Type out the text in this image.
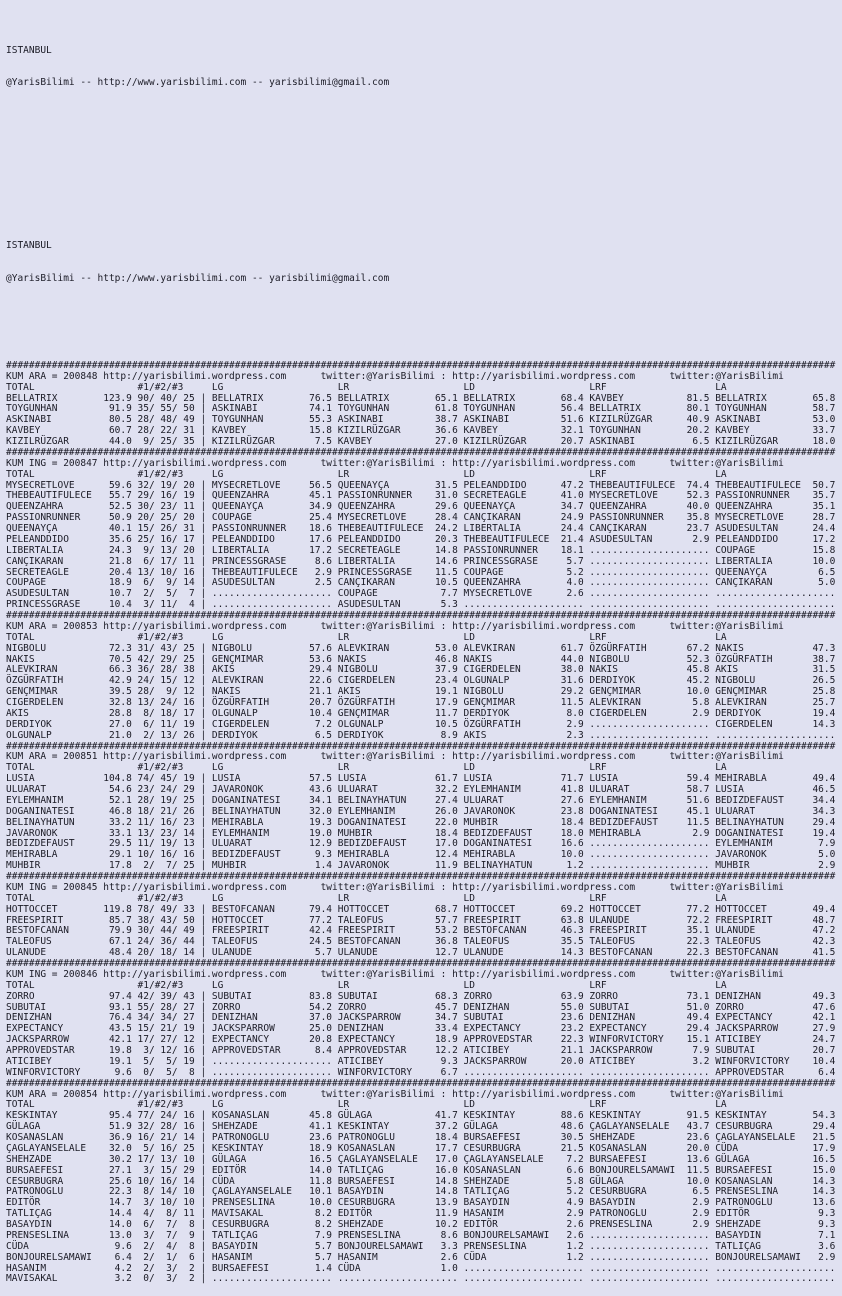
ISTANBUL

@YarisBilimi -- http://www.yarisbilimi.com -- yarisbilimi@gmail.com

ISTANBUL

@YarisBilimi -- http://www.yarisbilimi.com -- yarisbilimi@gmail.com

#################################################################################################################################################
KUM ARA = 200848 http://yarisbilimi.wordpress.com      twitter:@YarisBilimi : http://yarisbilimi.wordpress.com      twitter:@YarisBilimi
TOTAL                  #1/#2/#3     LG                    LR                    LD                    LRF                   LA
BELLATRIX        123.9 90/ 40/ 25 | BELLATRIX        76.5 BELLATRIX        65.1 BELLATRIX        68.4 KAVBEY           81.5 BELLATRIX        65.8
TOYGUNHAN         91.9 35/ 55/ 50 | ASKINABI         74.1 TOYGUNHAN        61.8 TOYGUNHAN        56.4 BELLATRIX        80.1 TOYGUNHAN        58.7
ASKINABI          80.5 28/ 48/ 49 | TOYGUNHAN        55.3 ASKINABI         38.7 ASKINABI         51.6 KIZILRÜZGAR      40.9 ASKINABI         53.0
KAVBEY            60.7 28/ 22/ 31 | KAVBEY           15.8 KIZILRÜZGAR      36.6 KAVBEY           32.1 TOYGUNHAN        20.2 KAVBEY           33.7
KIZILRÜZGAR       44.0  9/ 25/ 35 | KIZILRÜZGAR       7.5 KAVBEY           27.0 KIZILRÜZGAR      20.7 ASKINABI          6.5 KIZILRÜZGAR      18.0
#################################################################################################################################################
KUM ING = 200847 http://yarisbilimi.wordpress.com      twitter:@YarisBilimi : http://yarisbilimi.wordpress.com      twitter:@YarisBilimi
TOTAL                  #1/#2/#3     LG                    LR                    LD                    LRF                   LA
MYSECRETLOVE      59.6 32/ 19/ 20 | MYSECRETLOVE     56.5 QUEENAYÇA        31.5 PELEANDDIDO      47.2 THEBEAUTIFULECE  74.4 THEBEAUTIFULECE  50.7
THEBEAUTIFULECE   55.7 29/ 16/ 19 | QUEENZAHRA       45.1 PASSIONRUNNER    31.0 SECRETEAGLE      41.0 MYSECRETLOVE     52.3 PASSIONRUNNER    35.7
QUEENZAHRA        52.5 30/ 23/ 11 | QUEENAYÇA        34.9 QUEENZAHRA       29.6 QUEENAYÇA        34.7 QUEENZAHRA       40.0 QUEENZAHRA       35.1
PASSIONRUNNER     50.9 20/ 25/ 20 | COUPAGE          25.4 MYSECRETLOVE     28.4 CANÇIKARAN       24.9 PASSIONRUNNER    35.8 MYSECRETLOVE     28.7
QUEENAYÇA         40.1 15/ 26/ 31 | PASSIONRUNNER    18.6 THEBEAUTIFULECE  24.2 LIBERTALIA       24.4 CANÇIKARAN       23.7 ASUDESULTAN      24.4
PELEANDDIDO       35.6 25/ 16/ 17 | PELEANDDIDO      17.6 PELEANDDIDO      20.3 THEBEAUTIFULECE  21.4 ASUDESULTAN       2.9 PELEANDDIDO      17.2
LIBERTALIA        24.3  9/ 13/ 20 | LIBERTALIA       17.2 SECRETEAGLE      14.8 PASSIONRUNNER    18.1 ..................... COUPAGE          15.8
CANÇIKARAN        21.8  6/ 17/ 11 | PRINCESSGRASE     8.6 LIBERTALIA       14.6 PRINCESSGRASE     5.7 ..................... LIBERTALIA       10.0
SECRETEAGLE       20.4 13/ 10/ 16 | THEBEAUTIFULECE   2.9 PRINCESSGRASE    11.5 COUPAGE           5.2 ..................... QUEENAYÇA         6.5
COUPAGE           18.9  6/  9/ 14 | ASUDESULTAN       2.5 CANÇIKARAN       10.5 QUEENZAHRA        4.0 ..................... CANÇIKARAN        5.0
ASUDESULTAN       10.7  2/  5/  7 | ..................... COUPAGE           7.7 MYSECRETLOVE      2.6 ..................... .....................
PRINCESSGRASE     10.4  3/ 11/  4 | ..................... ASUDESULTAN       5.3 ..................... ..................... .....................
#################################################################################################################################################
KUM ARA = 200853 http://yarisbilimi.wordpress.com      twitter:@YarisBilimi : http://yarisbilimi.wordpress.com      twitter:@YarisBilimi
TOTAL                  #1/#2/#3     LG                    LR                    LD                    LRF                   LA
NIGBOLU           72.3 31/ 43/ 25 | NIGBOLU          57.6 ALEVKIRAN        53.0 ALEVKIRAN        61.7 ÖZGÜRFATIH       67.2 NAKIS            47.3
NAKIS             70.5 42/ 29/ 25 | GENÇMIMAR        53.6 NAKIS            46.8 NAKIS            44.0 NIGBOLU          52.3 ÖZGÜRFATIH       38.7
ALEVKIRAN         66.3 36/ 28/ 38 | AKIS             29.4 NIGBOLU          37.9 CIGERDELEN       38.0 NAKIS            45.8 AKIS             31.5
ÖZGÜRFATIH        42.9 24/ 15/ 12 | ALEVKIRAN        22.6 CIGERDELEN       23.4 OLGUNALP         31.6 DERDIYOK         45.2 NIGBOLU          26.5
GENÇMIMAR         39.5 28/  9/ 12 | NAKIS            21.1 AKIS             19.1 NIGBOLU          29.2 GENÇMIMAR        10.0 GENÇMIMAR        25.8
CIGERDELEN        32.8 13/ 24/ 16 | ÖZGÜRFATIH       20.7 ÖZGÜRFATIH       17.9 GENÇMIMAR        11.5 ALEVKIRAN         5.8 ALEVKIRAN        25.7
AKIS              28.8  8/ 18/ 17 | OLGUNALP         10.4 GENÇMIMAR        11.7 DERDIYOK          8.0 CIGERDELEN        2.9 DERDIYOK         19.4
DERDIYOK          27.0  6/ 11/ 19 | CIGERDELEN        7.2 OLGUNALP         10.5 ÖZGÜRFATIH        2.9 ..................... CIGERDELEN       14.3
OLGUNALP          21.0  2/ 13/ 26 | DERDIYOK          6.5 DERDIYOK          8.9 AKIS              2.3 ..................... .....................
#################################################################################################################################################
KUM ARA = 200851 http://yarisbilimi.wordpress.com      twitter:@YarisBilimi : http://yarisbilimi.wordpress.com      twitter:@YarisBilimi
TOTAL                  #1/#2/#3     LG                    LR                    LD                    LRF                   LA
LUSIA            104.8 74/ 45/ 19 | LUSIA            57.5 LUSIA            61.7 LUSIA            71.7 LUSIA            59.4 MEHIRABLA        49.4
ULUARAT           54.6 23/ 24/ 29 | JAVARONOK        43.6 ULUARAT          32.2 EYLEMHANIM       41.8 ULUARAT          58.7 LUSIA            46.5
EYLEMHANIM        52.1 28/ 19/ 25 | DOGANINATESI     34.1 BELINAYHATUN     27.4 ULUARAT          27.6 EYLEMHANIM       51.6 BEDIZDEFAUST     34.4
DOGANINATESI      46.8 18/ 21/ 26 | BELINAYHATUN     32.0 EYLEMHANIM       26.0 JAVARONOK        23.8 DOGANINATESI     45.1 ULUARAT          34.3
BELINAYHATUN      33.2 11/ 16/ 23 | MEHIRABLA        19.3 DOGANINATESI     22.0 MUHBIR           18.4 BEDIZDEFAUST     11.5 BELINAYHATUN     29.4
JAVARONOK         33.1 13/ 23/ 14 | EYLEMHANIM       19.0 MUHBIR           18.4 BEDIZDEFAUST     18.0 MEHIRABLA         2.9 DOGANINATESI     19.4
BEDIZDEFAUST      29.5 11/ 19/ 13 | ULUARAT          12.9 BEDIZDEFAUST     17.0 DOGANINATESI     16.6 ..................... EYLEMHANIM        7.9
MEHIRABLA         29.1 10/ 16/ 16 | BEDIZDEFAUST      9.3 MEHIRABLA        12.4 MEHIRABLA        10.0 ..................... JAVARONOK         5.0
MUHBIR            17.8  2/  7/ 25 | MUHBIR            1.4 JAVARONOK        11.9 BELINAYHATUN      1.2 ..................... MUHBIR            2.9
#################################################################################################################################################
KUM ING = 200845 http://yarisbilimi.wordpress.com      twitter:@YarisBilimi : http://yarisbilimi.wordpress.com      twitter:@YarisBilimi
TOTAL                  #1/#2/#3     LG                    LR                    LD                    LRF                   LA
HOTTOCCET        119.8 78/ 49/ 33 | BESTOFCANAN      79.4 HOTTOCCET        68.7 HOTTOCCET        69.2 HOTTOCCET        77.2 HOTTOCCET        49.4
FREESPIRIT        85.7 38/ 43/ 50 | HOTTOCCET        77.2 TALEOFUS         57.7 FREESPIRIT       63.8 ULANUDE          72.2 FREESPIRIT       48.7
BESTOFCANAN       79.9 30/ 44/ 49 | FREESPIRIT       42.4 FREESPIRIT       53.2 BESTOFCANAN      46.3 FREESPIRIT       35.1 ULANUDE          47.2
TALEOFUS          67.1 24/ 36/ 44 | TALEOFUS         24.5 BESTOFCANAN      36.8 TALEOFUS         35.5 TALEOFUS         22.3 TALEOFUS         42.3
ULANUDE           48.4 20/ 18/ 14 | ULANUDE           5.7 ULANUDE          12.7 ULANUDE          14.3 BESTOFCANAN      22.3 BESTOFCANAN      41.5
#################################################################################################################################################
KUM ING = 200846 http://yarisbilimi.wordpress.com      twitter:@YarisBilimi : http://yarisbilimi.wordpress.com      twitter:@YarisBilimi
TOTAL                  #1/#2/#3     LG                    LR                    LD                    LRF                   LA
ZORRO             97.4 42/ 39/ 43 | SUBUTAI          83.8 SUBUTAI          68.3 ZORRO            63.9 ZORRO            73.1 DENIZHAN         49.3
SUBUTAI           93.1 55/ 28/ 27 | ZORRO            54.2 ZORRO            45.7 DENIZHAN         55.0 SUBUTAI          51.0 ZORRO            47.6
DENIZHAN          76.4 34/ 34/ 27 | DENIZHAN         37.0 JACKSPARROW      34.7 SUBUTAI          23.6 DENIZHAN         49.4 EXPECTANCY       42.1
EXPECTANCY        43.5 15/ 21/ 19 | JACKSPARROW      25.0 DENIZHAN         33.4 EXPECTANCY       23.2 EXPECTANCY       29.4 JACKSPARROW      27.9
JACKSPARROW       42.1 17/ 27/ 12 | EXPECTANCY       20.8 EXPECTANCY       18.9 APPROVEDSTAR     22.3 WINFORVICTORY    15.1 ATICIBEY         24.7
APPROVEDSTAR      19.8  3/ 12/ 16 | APPROVEDSTAR      8.4 APPROVEDSTAR     12.2 ATICIBEY         21.1 JACKSPARROW       7.9 SUBUTAI          20.7
ATICIBEY          19.1  5/  5/ 19 | ..................... ATICIBEY          9.3 JACKSPARROW      20.0 ATICIBEY          3.2 WINFORVICTORY    10.4
WINFORVICTORY      9.6  0/  5/  8 | ..................... WINFORVICTORY     6.7 ..................... ..................... APPROVEDSTAR      6.4
#################################################################################################################################################
KUM ARA = 200854 http://yarisbilimi.wordpress.com      twitter:@YarisBilimi : http://yarisbilimi.wordpress.com      twitter:@YarisBilimi
TOTAL                  #1/#2/#3     LG                    LR                    LD                    LRF                   LA
KESKINTAY         95.4 77/ 24/ 16 | KOSANASLAN       45.8 GÜLAGA           41.7 KESKINTAY        88.6 KESKINTAY        91.5 KESKINTAY        54.3
GÜLAGA            51.9 32/ 28/ 16 | SHEHZADE         41.1 KESKINTAY        37.2 GÜLAGA           48.6 ÇAGLAYANSELALE   43.7 CESURBUGRA       29.4
KOSANASLAN        36.9 16/ 21/ 14 | PATRONOGLU       23.6 PATRONOGLU       18.4 BURSAEFESI       30.5 SHEHZADE         23.6 ÇAGLAYANSELALE   21.5
ÇAGLAYANSELALE    32.0  5/ 16/ 25 | KESKINTAY        18.9 KOSANASLAN       17.7 CESURBUGRA       21.5 KOSANASLAN       20.0 CÜDA             17.9
SHEHZADE          30.2 17/ 13/ 10 | GÜLAGA           16.5 ÇAGLAYANSELALE   17.0 ÇAGLAYANSELALE    7.2 BURSAEFESI       13.6 GÜLAGA           16.5
BURSAEFESI        27.1  3/ 15/ 29 | EDITÖR           14.0 TATLIÇAG         16.0 KOSANASLAN        6.6 BONJOURELSAMAWI  11.5 BURSAEFESI       15.0
CESURBUGRA        25.6 10/ 16/ 14 | CÜDA             11.8 BURSAEFESI       14.8 SHEHZADE          5.8 GÜLAGA           10.0 KOSANASLAN       14.3
PATRONOGLU        22.3  8/ 14/ 10 | ÇAGLAYANSELALE   10.1 BASAYDIN         14.8 TATLIÇAG          5.2 CESURBUGRA        6.5 PRENSESLINA      14.3
EDITÖR            14.7  3/ 10/ 10 | PRENSESLINA      10.0 CESURBUGRA       13.9 BASAYDIN          4.9 BASAYDIN          2.9 PATRONOGLU       13.6
TATLIÇAG          14.4  4/  8/ 11 | MAVISAKAL         8.2 EDITÖR           11.9 HASANIM           2.9 PATRONOGLU        2.9 EDITÖR            9.3
BASAYDIN          14.0  6/  7/  8 | CESURBUGRA        8.2 SHEHZADE         10.2 EDITÖR            2.6 PRENSESLINA       2.9 SHEHZADE          9.3
PRENSESLINA       13.0  3/  7/  9 | TATLIÇAG          7.9 PRENSESLINA       8.6 BONJOURELSAMAWI   2.6 ..................... BASAYDIN          7.1
CÜDA               9.6  2/  4/  8 | BASAYDIN          5.7 BONJOURELSAMAWI   3.3 PRENSESLINA       1.2 ..................... TATLIÇAG          3.6
BONJOURELSAMAWI    6.4  2/  1/  6 | HASANIM           5.7 HASANIM           2.6 CÜDA              1.2 ..................... BONJOURELSAMAWI   2.9
HASANIM            4.2  2/  3/  2 | BURSAEFESI        1.4 CÜDA              1.0 ..................... ..................... .....................
MAVISAKAL          3.2  0/  3/  2 | ..................... ..................... ..................... ..................... .....................
